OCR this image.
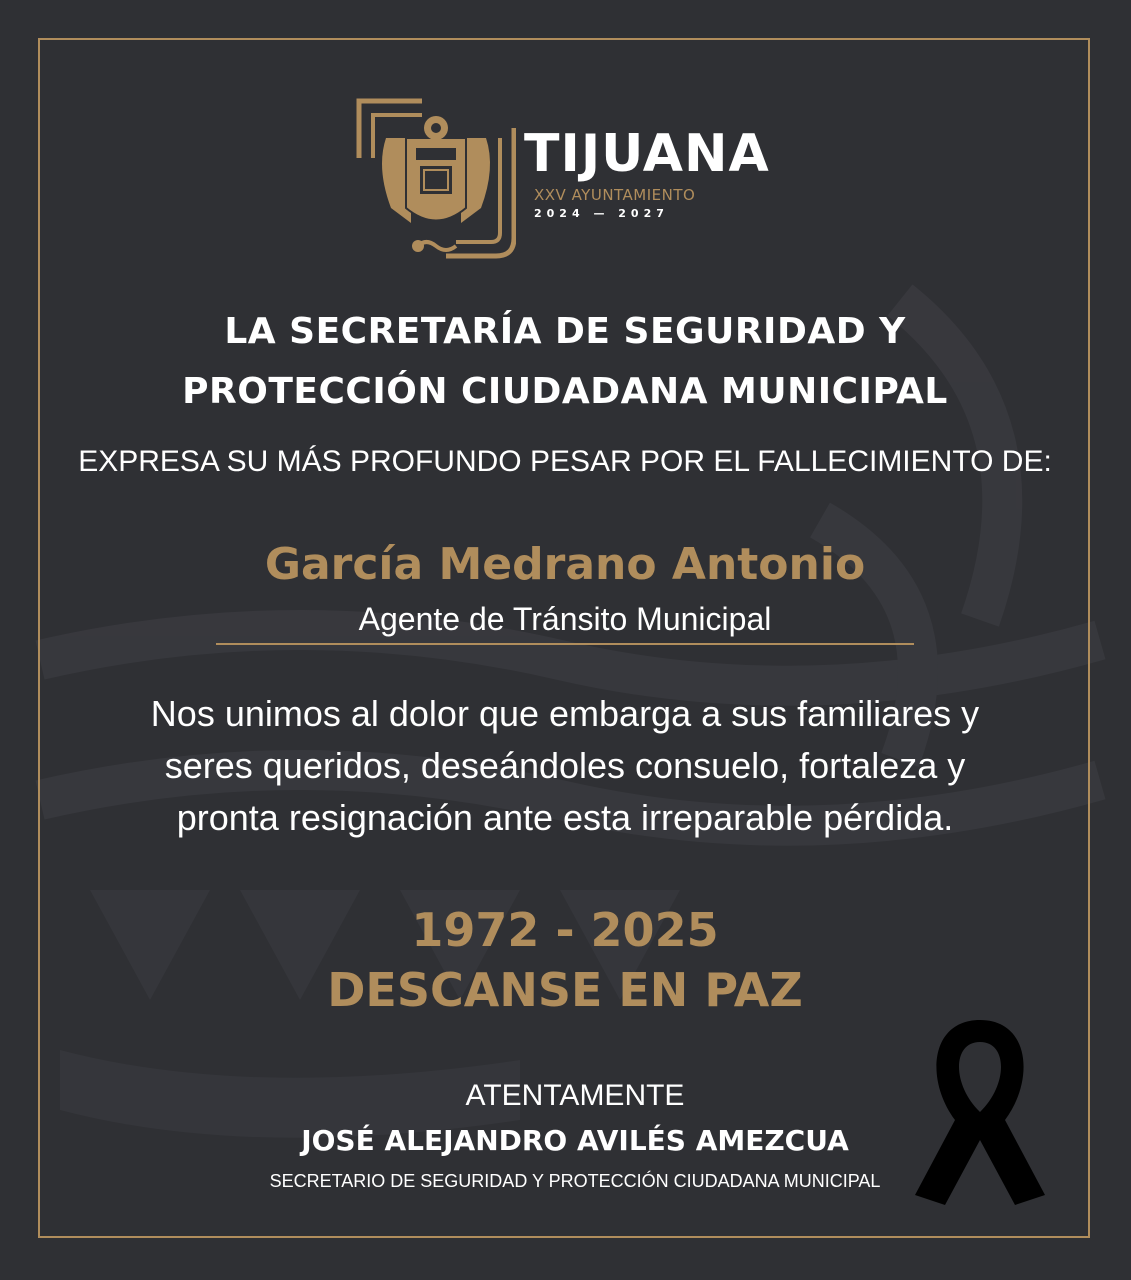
TIJUANA
XXV AYUNTAMIENTO
2024 — 2027

LA SECRETARÍA DE SEGURIDAD Y

PROTECCIÓN CIUDADANA MUNICIPAL

EXPRESA SU MÁS PROFUNDO PESAR POR EL FALLECIMIENTO DE:

García Medrano Antonio

Agente de Tránsito Municipal

Nos unimos al dolor que embarga a sus familiares y

seres queridos, deseándoles consuelo, fortaleza y

pronta resignación ante esta irreparable pérdida.

1972 - 2025

DESCANSE EN PAZ

ATENTAMENTE

JOSÉ ALEJANDRO AVILÉS AMEZCUA

SECRETARIO DE SEGURIDAD Y PROTECCIÓN CIUDADANA MUNICIPAL
